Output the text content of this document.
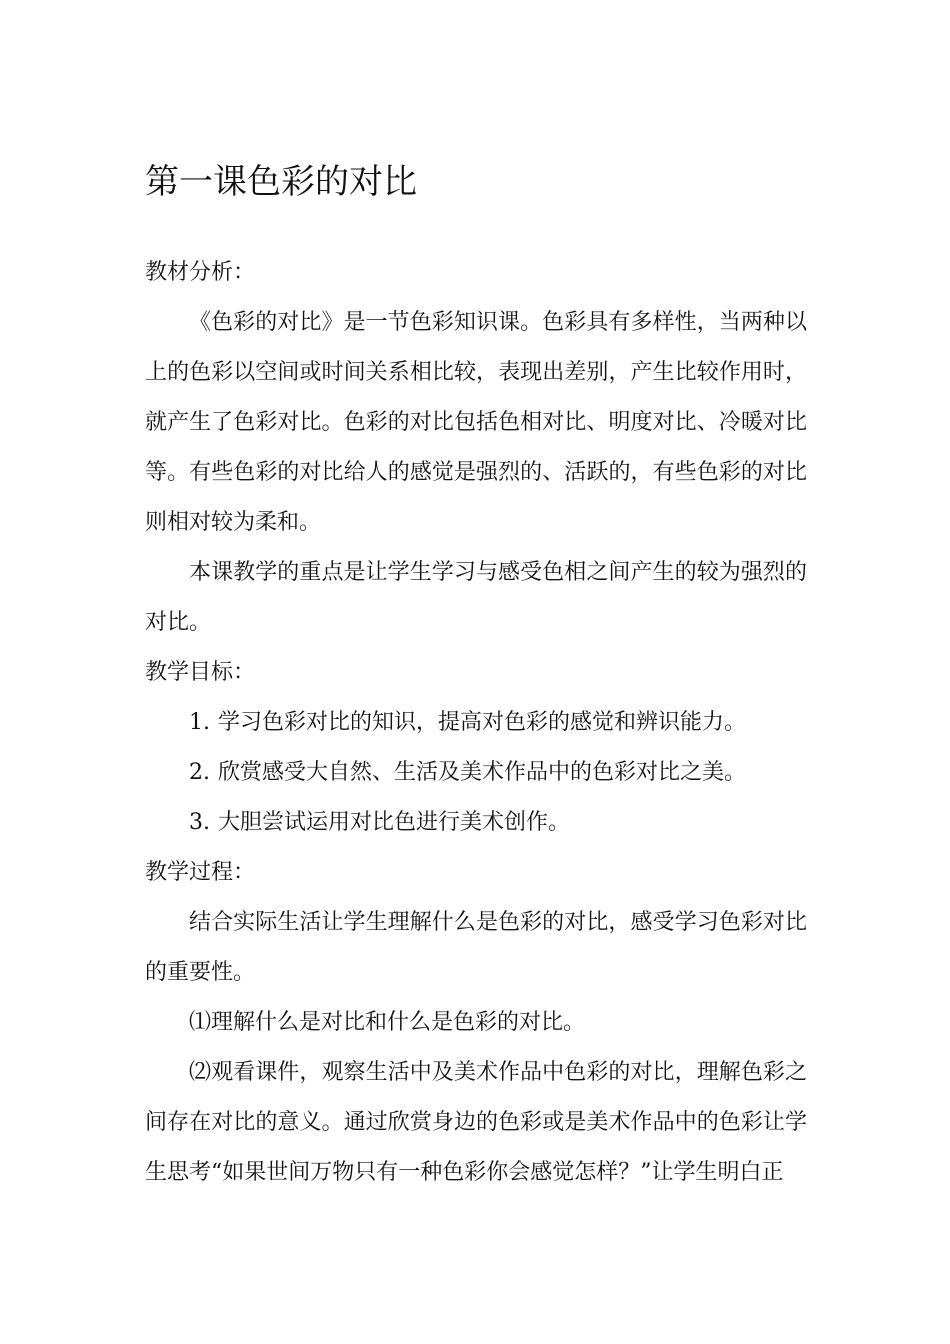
第一课色彩的对比

教材分析：

《色彩的对比》是一节色彩知识课。色彩具有多样性，当两种以上的色彩以空间或时间关系相比较，表现出差别，产生比较作用时，就产生了色彩对比。色彩的对比包括色相对比、明度对比、冷暖对比等。有些色彩的对比给人的感觉是强烈的、活跃的，有些色彩的对比则相对较为柔和。

本课教学的重点是让学生学习与感受色相之间产生的较为强烈的对比。

教学目标：

1. 学习色彩对比的知识，提高对色彩的感觉和辨识能力。

2. 欣赏感受大自然、生活及美术作品中的色彩对比之美。

3. 大胆尝试运用对比色进行美术创作。

教学过程：

结合实际生活让学生理解什么是色彩的对比，感受学习色彩对比的重要性。

⑴理解什么是对比和什么是色彩的对比。

⑵观看课件，观察生活中及美术作品中色彩的对比，理解色彩之间存在对比的意义。通过欣赏身边的色彩或是美术作品中的色彩让学生思考“如果世间万物只有一种色彩你会感觉怎样？”让学生明白正
